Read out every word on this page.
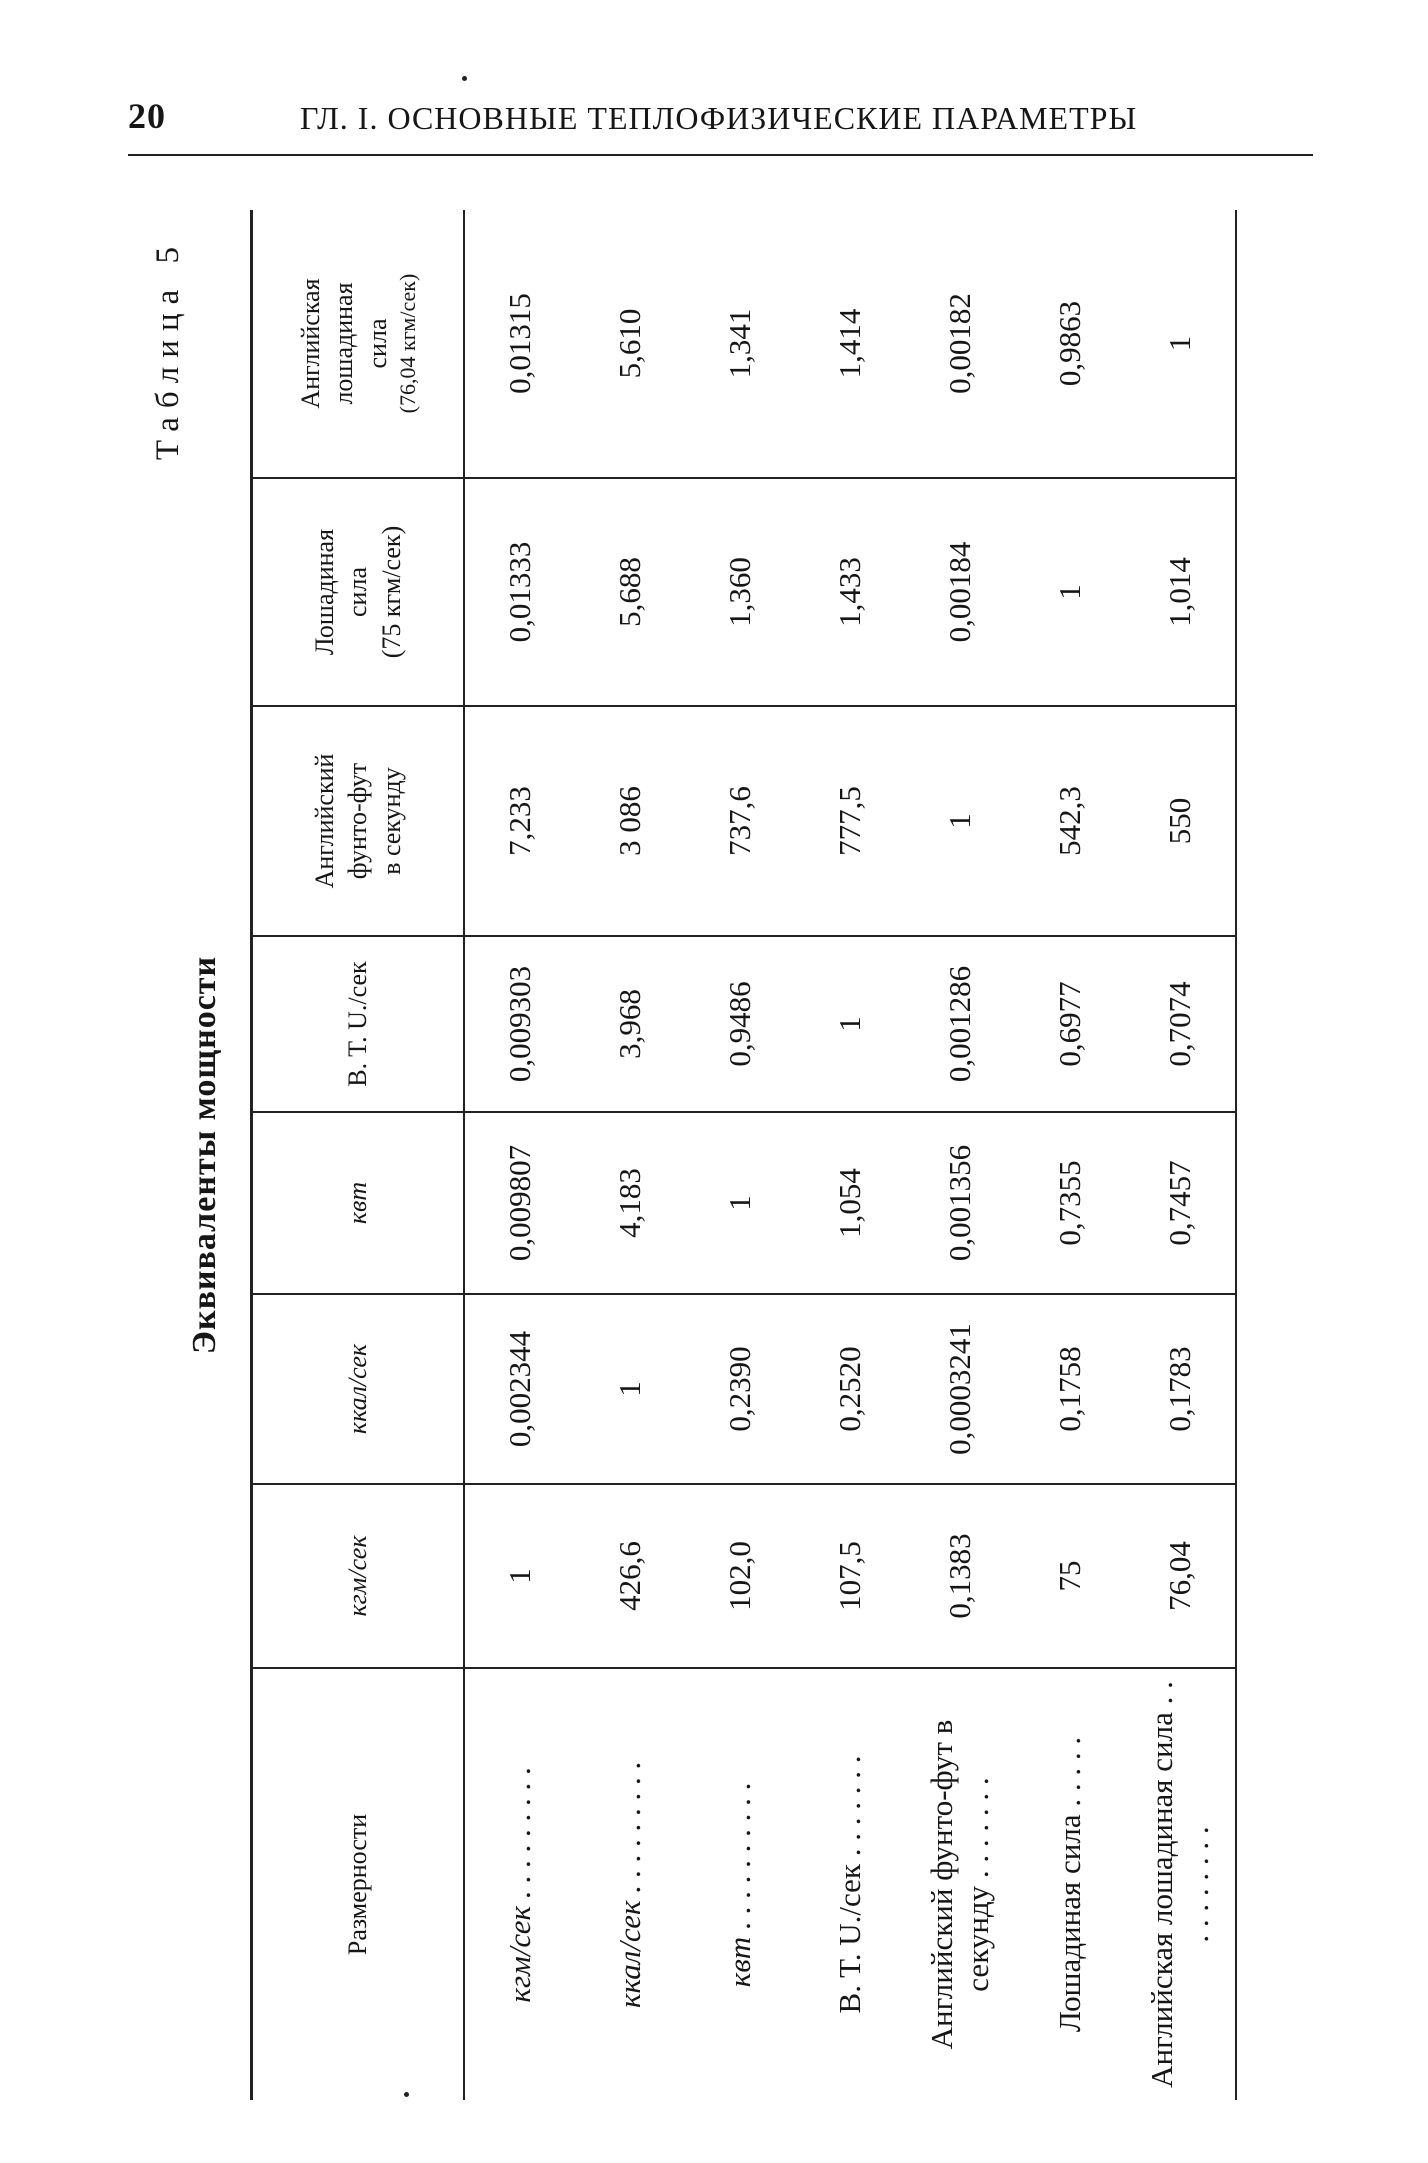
20	ГЛ. I. ОСНОВНЫЕ ТЕПЛОФИЗИЧЕСКИЕ ПАРАМЕТРЫ
Таблица 5
Эквиваленты мощности
Размерности	кгм/сек	ккал/сек	квт	B. T. U./сек	Английский фунто-фут в секунду	Лошадиная сила (75 кгм/сек)	Английская лошадиная сила (76,04 кгм/сек)

кгм/сек . . . . . . . . .	1	0,002344	0,009807	0,009303	7,233	0,01333	0,01315
ккал/сек . . . . . . . . .	426,6	1	4,183	3,968	3 086	5,688	5,610
квт . . . . . . . . . .	102,0	0,2390	1	0,9486	737,6	1,360	1,341
B. T. U./сек . . . . . . .	107,5	0,2520	1,054	1	777,5	1,433	1,414
Английский фунто-фут в секунду . . . . . . .	0,1383	0,0003241	0,001356	0,001286	1	0,00184	0,00182
Лошадиная сила . . . . .	75	0,1758	0,7355	0,6977	542,3	1	0,9863
Английская лошадиная сила . . . . . . . . . .	76,04	0,1783	0,7457	0,7074	550	1,014	1
